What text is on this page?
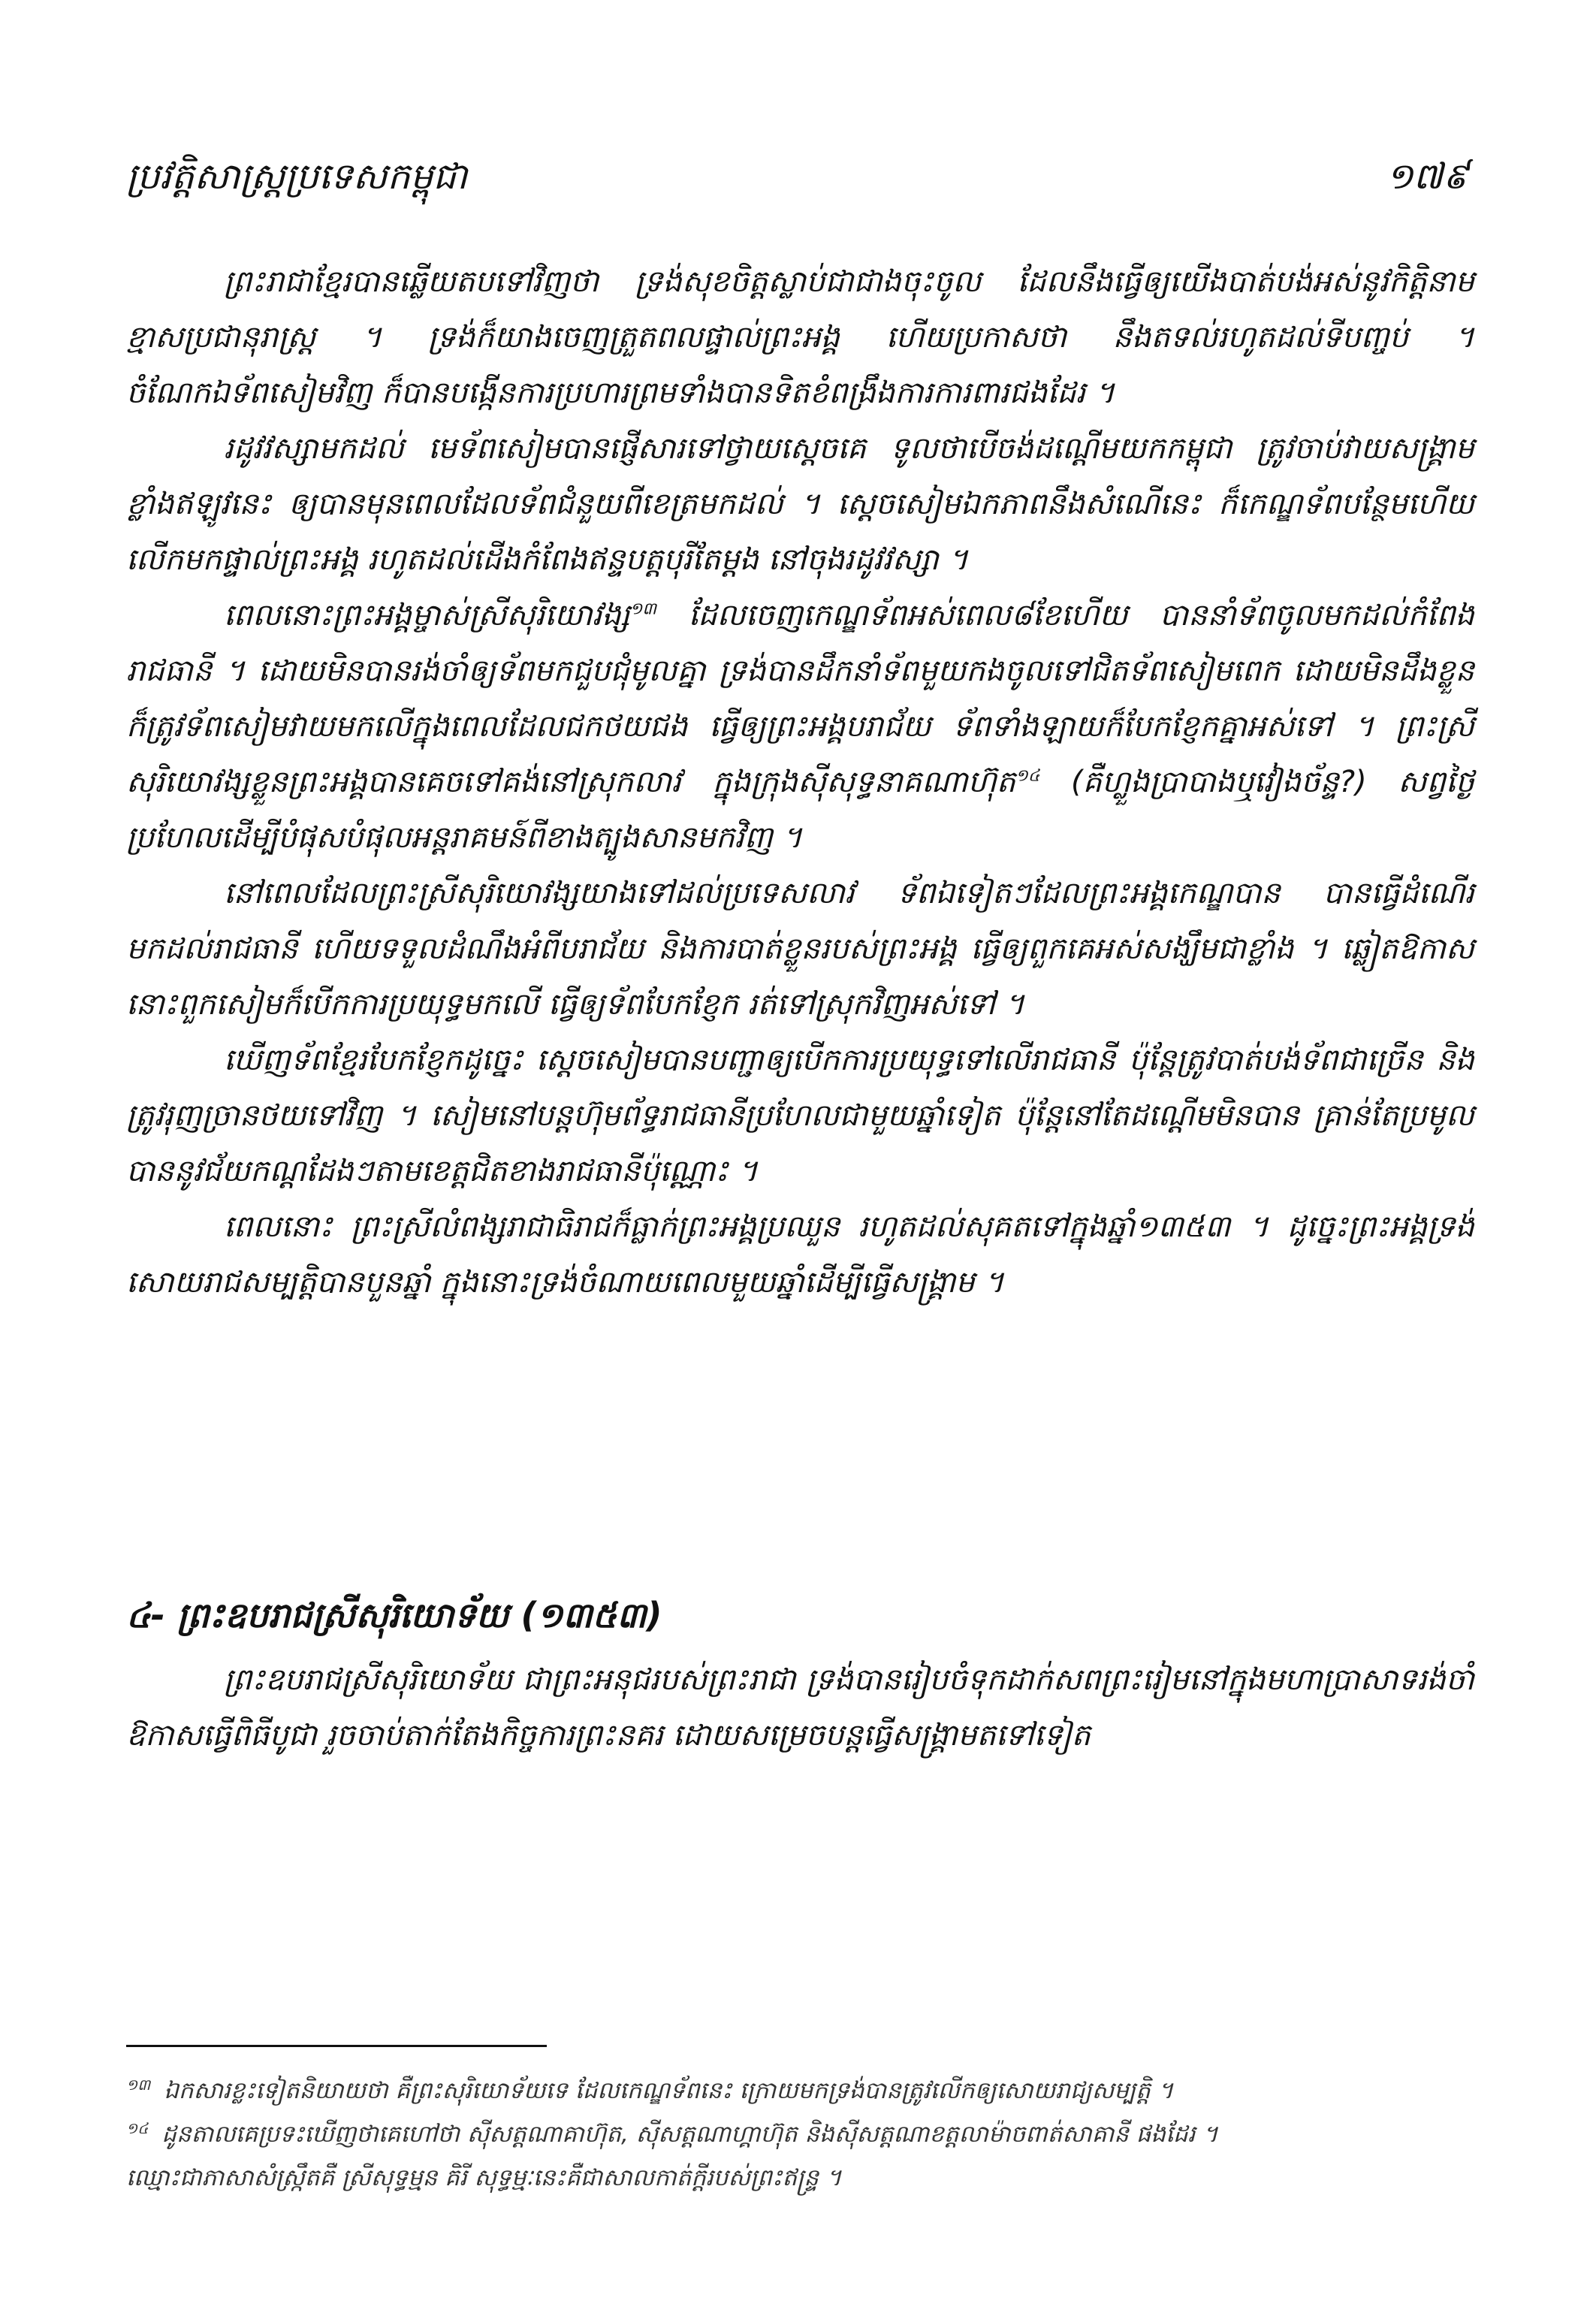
ប្រវត្តិសាស្ត្រប្រទេសកម្ពុជា	១៧៩

ព្រះរាជាខ្មែរបានឆ្លើយតបទៅវិញថា ទ្រង់សុខចិត្តស្លាប់ជាជាងចុះចូល ដែលនឹងធ្វើឲ្យយើងបាត់បង់អស់នូវកិត្តិនាម ខ្មាសប្រជានុរាស្ត្រ ។ ទ្រង់ក៏យាងចេញត្រួតពលផ្ទាល់ព្រះអង្គ ហើយប្រកាសថា នឹងតទល់រហូតដល់ទីបញ្ចប់ ។ ចំណែកឯទ័ពសៀមវិញ ក៏បានបង្កើនការប្រហារព្រមទាំងបានទិតខំពង្រឹងការការពារជងដែរ ។

រដូវវស្សាមកដល់ មេទ័ពសៀមបានផ្ញើសារទៅថ្វាយស្ដេចគេ ទូលថាបើចង់ដណ្ដើមយកកម្ពុជា ត្រូវចាប់វាយសង្គ្រាមខ្លាំងឥឡូវនេះ ឲ្យបានមុនពេលដែលទ័ពជំនួយពីខេត្រមកដល់ ។ ស្ដេចសៀមឯកភាពនឹងសំណើនេះ ក៏កេណ្ឌទ័ពបន្ថែមហើយ លើកមកផ្ទាល់ព្រះអង្គ រហូតដល់ដើងកំពែងឥន្ទបត្តបុរីតែម្ដង នៅចុងរដូវវស្សា ។

ពេលនោះព្រះអង្គម្ចាស់ស្រីសុរិយោវង្ស$^{១៣}$ ដែលចេញកេណ្ឌទ័ពអស់ពេល៨ខែហើយ បាននាំទ័ពចូលមកដល់កំពែងរាជធានី ។ ដោយមិនបានរង់ចាំឲ្យទ័ពមកជួបជុំមូលគ្នា ទ្រង់បានដឹកនាំទ័ពមួយកងចូលទៅជិតទ័ពសៀមពេក ដោយមិនដឹងខ្លួន ក៏ត្រូវទ័ពសៀមវាយមកលើក្នុងពេលដែលជកថយជង ធ្វើឲ្យព្រះអង្គបរាជ័យ ទ័ពទាំងឡាយក៏បែកខ្ញែកគ្នាអស់ទៅ ។ ព្រះស្រីសុរិយោវង្សខ្លួនព្រះអង្គបានគេចទៅគង់នៅស្រុកលាវ ក្នុងក្រុងស៊ីសុទ្ធនាគណាហ៊ុត$^{១៤}$ (គឺហ្លួងប្រាបាងឬវៀងច័ន្ទ?) សព្វថ្ងៃប្រហែលដើម្បីបំផុសបំផុលអន្តរាគមន៍ពីខាងត្បូងសានមកវិញ ។

នៅពេលដែលព្រះស្រីសុរិយោវង្សយាងទៅដល់ប្រទេសលាវ ទ័ពឯទៀតៗដែលព្រះអង្គកេណ្ឌបាន បានធ្វើដំណើរមកដល់រាជធានី ហើយទទួលដំណឹងអំពីបរាជ័យ និងការបាត់ខ្លួនរបស់ព្រះអង្គ ធ្វើឲ្យពួកគេអស់សង្ឃឹមជាខ្លាំង ។ ឆ្លៀតឱកាសនោះពួកសៀមក៏បើកការប្រយុទ្ធមកលើ ធ្វើឲ្យទ័ពបែកខ្ញែក រត់ទៅស្រុកវិញអស់ទៅ ។

ឃើញទ័ពខ្មែរបែកខ្ញែកដូច្នេះ ស្ដេចសៀមបានបញ្ជាឲ្យបើកការប្រយុទ្ធទៅលើរាជធានី ប៉ុន្តែត្រូវបាត់បង់ទ័ពជាច្រើន និងត្រូវរុញច្រានថយទៅវិញ ។ សៀមនៅបន្តហ៊ុមព័ទ្ធរាជធានីប្រហែលជាមួយឆ្នាំទៀត ប៉ុន្តែនៅតែដណ្ដើមមិនបាន គ្រាន់តែប្រមូលបាននូវជ័យកណ្ដដែងៗតាមខេត្តជិតខាងរាជធានីប៉ុណ្ណោះ ។

ពេលនោះ ព្រះស្រីលំពង្សរាជាធិរាជក៏ធ្លាក់ព្រះអង្គប្រឈួន រហូតដល់សុគតទៅក្នុងឆ្នាំ១៣៥៣ ។ ដូច្នេះព្រះអង្គទ្រង់សោយរាជសម្បត្តិបានបួនឆ្នាំ ក្នុងនោះទ្រង់ចំណាយពេលមួយឆ្នាំដើម្បីធ្វើសង្គ្រាម ។

៤- ព្រះឧបរាជស្រីសុរិយោទ័យ (១៣៥៣)

ព្រះឧបរាជស្រីសុរិយោទ័យ ជាព្រះអនុជរបស់ព្រះរាជា ទ្រង់បានរៀបចំទុកដាក់សពព្រះរៀមនៅក្នុងមហាប្រាសាទរង់ចាំឱកាសធ្វើពិធីបូជា រួចចាប់តាក់តែងកិច្ចការព្រះនគរ ដោយសម្រេចបន្តធ្វើសង្គ្រាមតទៅទៀត

$^{១៣}$ ឯកសារខ្លះទៀតនិយាយថា គឺព្រះសុរិយោទ័យទេ ដែលកេណ្ឌទ័ពនេះ ក្រោយមកទ្រង់បានត្រូវលើកឲ្យសោយរាជ្យសម្បត្តិ ។

$^{១៤}$ ដូនតាលគេប្រទះឃើញថាគេហៅថា ស៊ីសត្តណាគាហ៊ុត, ស៊ីសត្តណាហ្គាហ៊ុត និងស៊ីសត្តណាខត្តលាម៉ាចពាត់សាគានី ផងដែរ ។

ឈ្មោះជាភាសាសំស្ក្រឹតគឺ ស្រីសុទ្ធម្មន គិរី សុទ្ធម្មៈនេះគឺជាសាលកាត់ក្ដីរបស់ព្រះឥន្ទ្រ ។
